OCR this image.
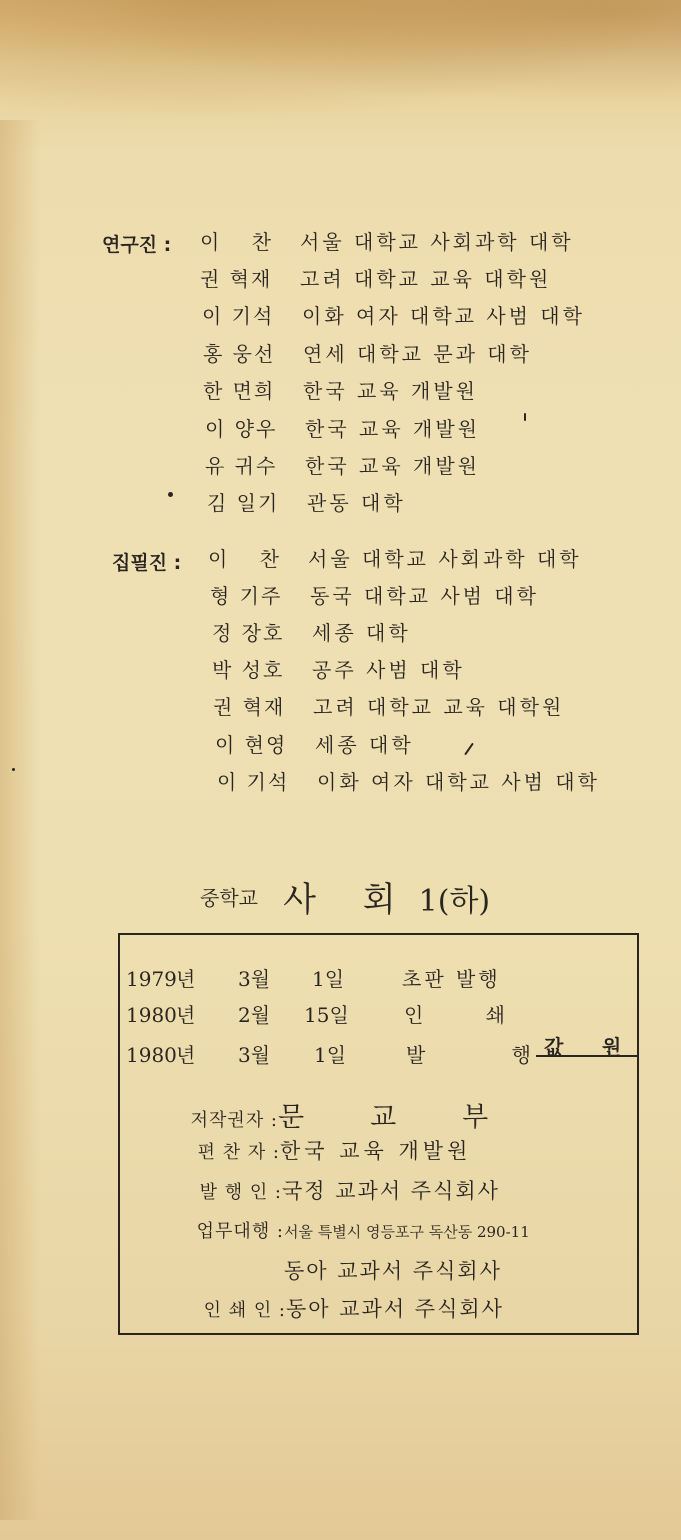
연구진 : 이　 찬 서울 대학교 사회과학 대학
권 혁재 고려 대학교 교육 대학원
이 기석 이화 여자 대학교 사범 대학
홍 웅선 연세 대학교 문과 대학
한 면희 한국 교육 개발원
이 양우 한국 교육 개발원
유 귀수 한국 교육 개발원
김 일기 관동 대학
집필진 : 이　 찬 서울 대학교 사회과학 대학
형 기주 동국 대학교 사범 대학
정 장호 세종 대학
박 성호 공주 사범 대학
권 혁재 고려 대학교 교육 대학원
이 현영 세종 대학
이 기석 이화 여자 대학교 사범 대학
중학교 사 회 1(하)
1979년 3월 1일	초판 발행
1980년 2월 15일	인　 쇄
1980년 3월 1일	발　　 행 값 원
저작권자 :문　　교　　부
편 찬 자 :한국 교육 개발원
발 행 인 :국정 교과서 주식회사
업무대행 :서울 특별시 영등포구 독산동 290-11
동아 교과서 주식회사
인 쇄 인 :동아 교과서 주식회사
